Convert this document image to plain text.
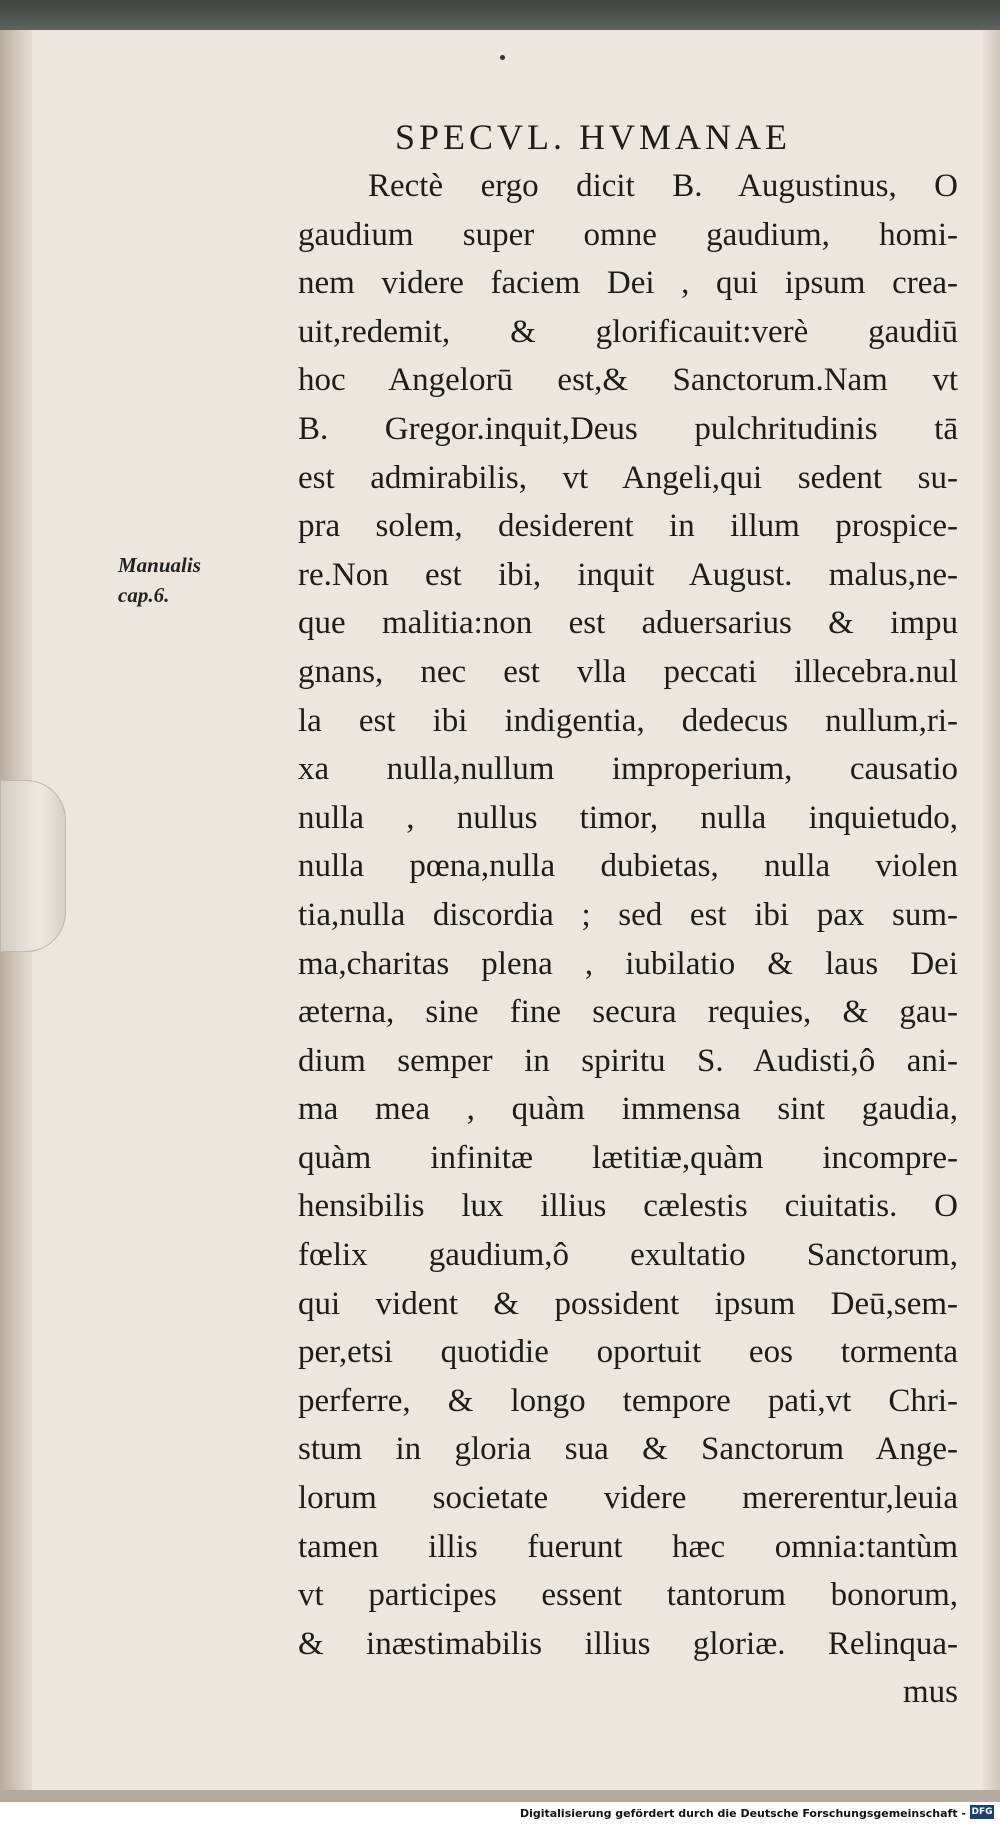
SPECVL. HVMANAE
Manualis
cap.6.
Rectè ergo dicit B. Augustinus, O
gaudium super omne gaudium, homi-
nem videre faciem Dei , qui ipsum crea-
uit,redemit, & glorificauit:verè gaudiū
hoc Angelorū est,& Sanctorum.Nam vt
B. Gregor.inquit,Deus pulchritudinis tā
est admirabilis, vt Angeli,qui sedent su-
pra solem, desiderent in illum prospice-
re.Non est ibi, inquit August. malus,ne-
que malitia:non est aduersarius & impu
gnans, nec est vlla peccati illecebra.nul
la est ibi indigentia, dedecus nullum,ri-
xa nulla,nullum improperium, causatio
nulla , nullus timor, nulla inquietudo,
nulla pœna,nulla dubietas, nulla violen
tia,nulla discordia ; sed est ibi pax sum-
ma,charitas plena , iubilatio & laus Dei
æterna, sine fine secura requies, & gau-
dium semper in spiritu S. Audisti,ô ani-
ma mea , quàm immensa sint gaudia,
quàm infinitæ lætitiæ,quàm incompre-
hensibilis lux illius cælestis ciuitatis. O
fœlix gaudium,ô exultatio Sanctorum,
qui vident & possident ipsum Deū,sem-
per,etsi quotidie oportuit eos tormenta
perferre, & longo tempore pati,vt Chri-
stum in gloria sua & Sanctorum Ange-
lorum societate videre mererentur,leuia
tamen illis fuerunt hæc omnia:tantùm
vt participes essent tantorum bonorum,
& inæstimabilis illius gloriæ. Relinqua-
mus
Digitalisierung gefördert durch die Deutsche Forschungsgemeinschaft - DFG
